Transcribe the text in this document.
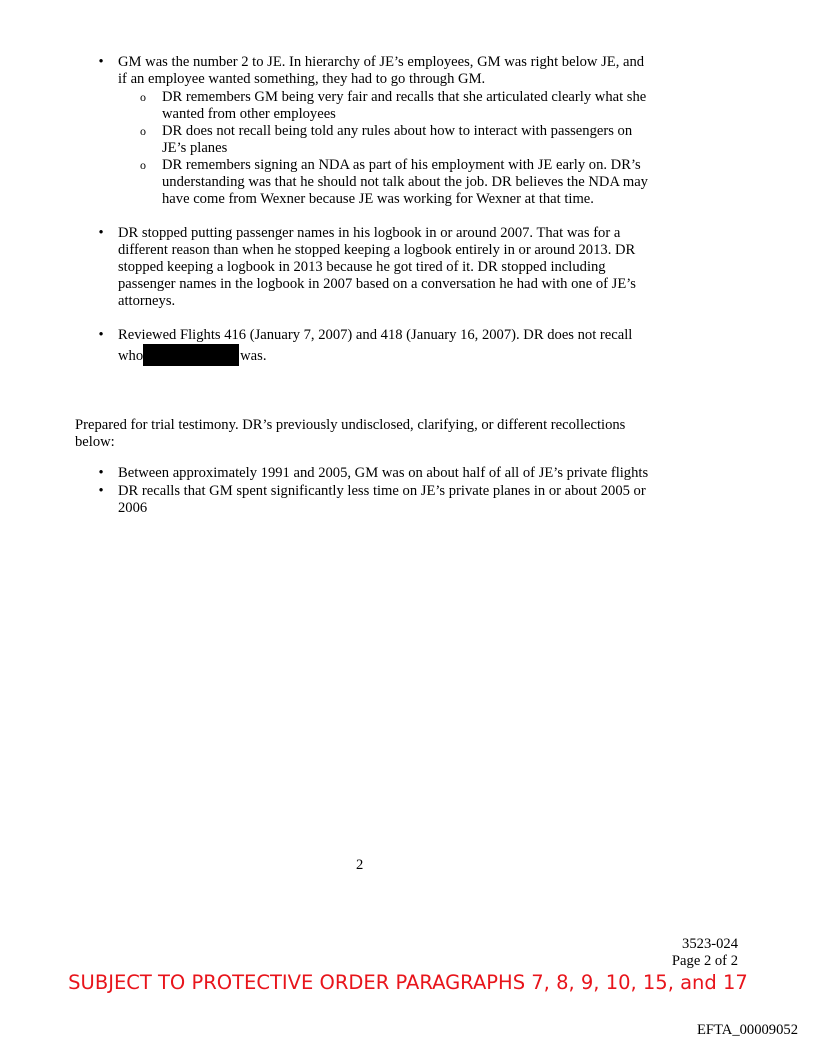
• GM was the number 2 to JE. In hierarchy of JE’s employees, GM was right below JE, and if an employee wanted something, they had to go through GM.
o DR remembers GM being very fair and recalls that she articulated clearly what she wanted from other employees
o DR does not recall being told any rules about how to interact with passengers on JE’s planes
o DR remembers signing an NDA as part of his employment with JE early on. DR’s understanding was that he should not talk about the job. DR believes the NDA may have come from Wexner because JE was working for Wexner at that time.
• DR stopped putting passenger names in his logbook in or around 2007. That was for a different reason than when he stopped keeping a logbook entirely in or around 2013. DR stopped keeping a logbook in 2013 because he got tired of it. DR stopped including passenger names in the logbook in 2007 based on a conversation he had with one of JE’s attorneys.
• Reviewed Flights 416 (January 7, 2007) and 418 (January 16, 2007). DR does not recall who	was.
Prepared for trial testimony. DR’s previously undisclosed, clarifying, or different recollections below:
• Between approximately 1991 and 2005, GM was on about half of all of JE’s private flights
• DR recalls that GM spent significantly less time on JE’s private planes in or about 2005 or 2006
2
3523-024
Page 2 of 2
SUBJECT TO PROTECTIVE ORDER PARAGRAPHS 7, 8, 9, 10, 15, and 17
EFTA_00009052
